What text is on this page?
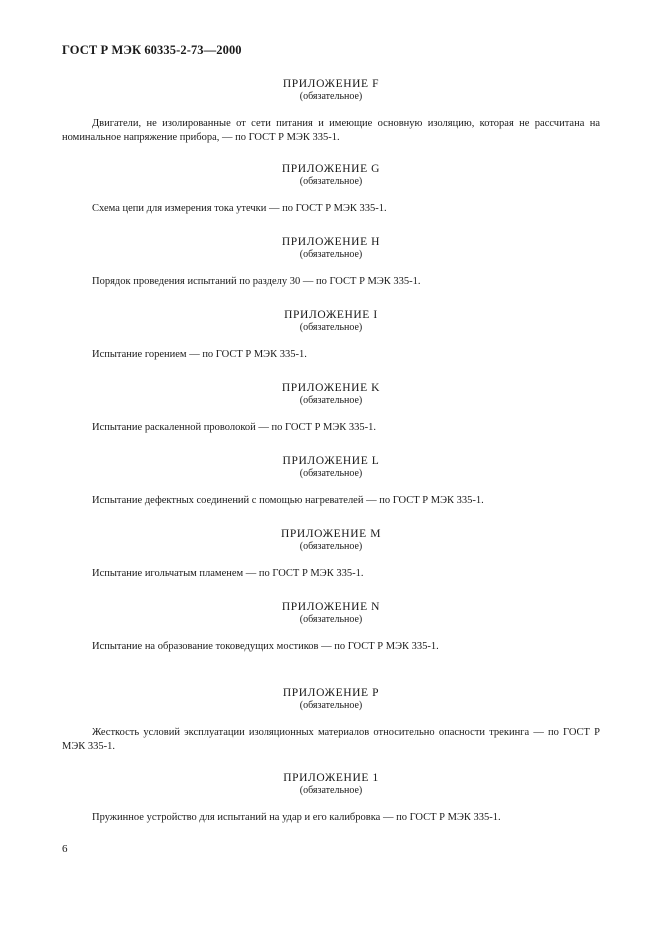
ГОСТ Р МЭК 60335-2-73—2000
ПРИЛОЖЕНИЕ F
(обязательное)
Двигатели, не изолированные от сети питания и имеющие основную изоляцию, которая не рассчитана на номинальное напряжение прибора, — по ГОСТ Р МЭК 335-1.
ПРИЛОЖЕНИЕ G
(обязательное)
Схема цепи для измерения тока утечки — по ГОСТ Р МЭК 335-1.
ПРИЛОЖЕНИЕ H
(обязательное)
Порядок проведения испытаний по разделу 30 — по ГОСТ Р МЭК 335-1.
ПРИЛОЖЕНИЕ I
(обязательное)
Испытание горением — по ГОСТ Р МЭК 335-1.
ПРИЛОЖЕНИЕ K
(обязательное)
Испытание раскаленной проволокой — по ГОСТ Р МЭК 335-1.
ПРИЛОЖЕНИЕ L
(обязательное)
Испытание дефектных соединений с помощью нагревателей — по ГОСТ Р МЭК 335-1.
ПРИЛОЖЕНИЕ M
(обязательное)
Испытание игольчатым пламенем — по ГОСТ Р МЭК 335-1.
ПРИЛОЖЕНИЕ N
(обязательное)
Испытание на образование токоведущих мостиков — по ГОСТ Р МЭК 335-1.
ПРИЛОЖЕНИЕ P
(обязательное)
Жесткость условий эксплуатации изоляционных материалов относительно опасности трекинга — по ГОСТ Р МЭК 335-1.
ПРИЛОЖЕНИЕ 1
(обязательное)
Пружинное устройство для испытаний на удар и его калибровка — по ГОСТ Р МЭК 335-1.
6
